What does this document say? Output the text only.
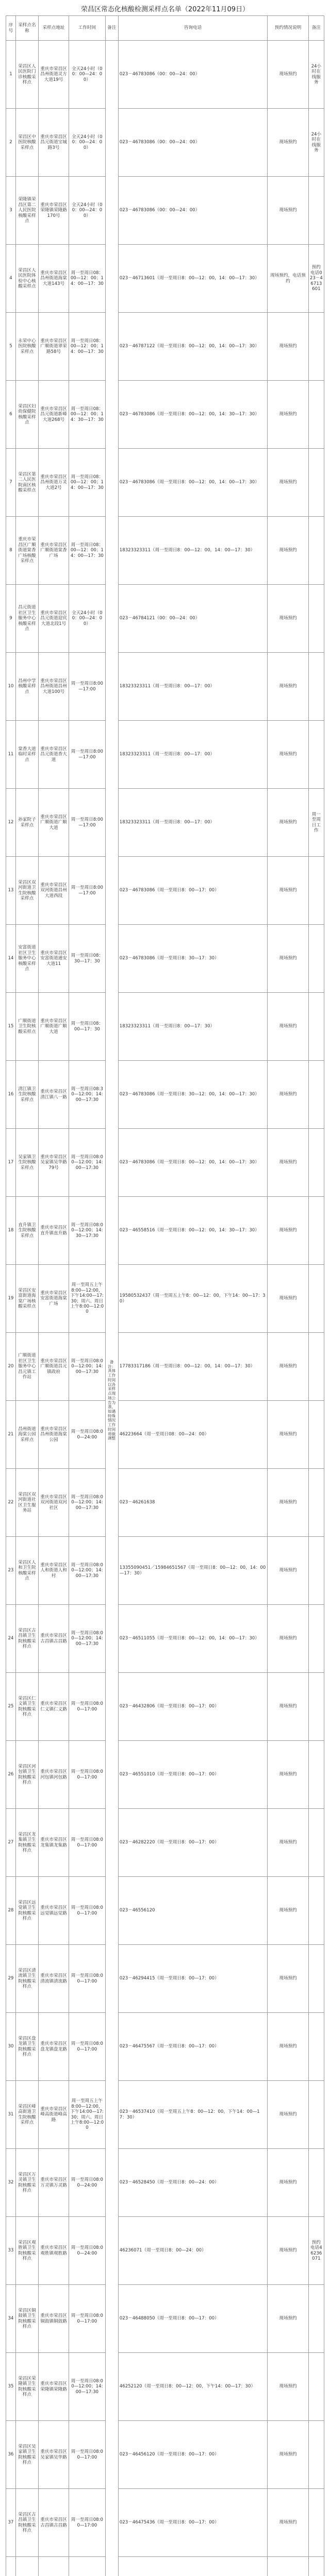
荣昌区常态化核酸检测采样点名单（2022年11月09日）
序号	采样点名称	采样点地址	工作时间	备注	咨询电话	预约情况说明	备注
1	荣昌区人民医院门诊核酸采样点	重庆市荣昌区昌州街道灵方大道19号	全天24小时（00：00—24：00）	备注：具体工作时间以各采样点现场公告为准，如遇特殊情况工作时间将做调整	023－46783086（00：00—24：00）	现场预约	24小时在线服务
2	荣昌区中医院核酸采样点	重庆市荣昌区昌元街道宝城路3号	全天24小时（00：00—24：00）		023－46783086（00：00—24：00）	现场预约	24小时在线服务
3	荣隆镇荣昌区第二人民医院核酸采样点	重庆市荣昌区荣隆镇荣隆路170号	全天24小时（00：00—24：00）		023－46783086（00：00—24：00）	现场预约	
4	荣昌区人民医院体检中心核酸采样点	重庆市荣昌区昌州街道海棠大道143号	周一至周日08：00—12：00；14：00—17：30		023－46713601（周一至周日8：00—12：00，14：00—17：30）	现场预约，电话预约	预约电话023－46713601
5	永荣中心医院核酸采样点	重庆市荣昌区广顺街道翠荣路58号	周一至周日08：00—12：00；14：00—17：30		023－46787122（周一至周日8：00—12：00，14：00—17：30）	现场预约	
6	荣昌区妇幼保健院核酸采样点	重庆市荣昌区昌元街道新峰大道268号	周一至周日08：00—12：00；14：30—17：30		023－46783086（周一至周日8：00—12：00，14：30—17：30）	现场预约	
7	荣昌区第二人民医院南区核酸采样点	重庆市荣昌区昌州街道万灵大道2号	周一至周日08：00—12：00；14：00—17：30		023－46783086（周一至周日8：00—12：00，14：00—17：30）	现场预约	
8	重庆市荣昌区广顺街道棠香广场核酸采样点	重庆市荣昌区广顺街道棠香广场	周一至周日08：00—12：00；14：00—17：30		18323323311（周一至周日8：00—12：00，14：00—17：30）	现场预约	
9	昌元街道社区卫生服务中心核酸采样点	重庆市荣昌区昌元街道迎宾大道北段1号	全天24小时（00：00—24：00）		023－46784121（00：00—24：00）	现场预约	
10	昌州中学核酸采样点	重庆市荣昌区昌州街道昌州大道100号	周一至周日8:00—17:00		18323323311（周一至周日8：00—17：00）	现场预约	
11	棠香大道临时采样点	重庆市荣昌区昌元街道香大道	周一至周日8:00—17:00		18323323311（周一至周日8：00—17：00）	现场预约	
12	孙家院子采样点	重庆市荣昌区广顺街道广顺大道	周一至周日8:00—17:00		18323323311（周一至周日8：00—17：00）	现场预约	周一至周日工作
13	荣昌区双河街道卫生院核酸采样点	重庆市荣昌区双河街道昌州大道西段	周一至周日8:00—17:00		023－46783086（周一至周日8：00—17：00）	现场预约	
14	安富街道社区卫生服务中心核酸采样点	重庆市荣昌区安富街道通安大道11	周一至周日08：30—17：30		023－46783086（周一至周日8：30—17：30）	现场预约	
15	广顺街道卫生院核酸采样点	重庆市荣昌区广顺街道广顺大道	周一至周日08：00—17：30		18323323311（周一至周日8：00—17：30）	现场预约	
16	清江镇卫生院核酸采样点	重庆市荣昌区清江镇八一路	周一至周日08:30—12:00；14:00—17:30		023－46783086（周一至周日8：30—12：00，14：00—17：30）	现场预约	
17	吴家镇卫生院核酸采样点	重庆市荣昌区吴家镇吴华路79号	周一至周日08:00—12:00；14:00—17:30		023－46783086（周一至周日8：00—12：00，14：00—17：30）	现场预约	
18	直升镇卫生院核酸采样点	重庆市荣昌区直升镇直升路	周一至周日08:00—12:00；14:30—17:30		023－46558516（周一至周日8：00—12：00，14：30—17：30）	现场预约	
19	荣昌区安富街道海棠广场核酸采样点	重庆市荣昌区安富街道海棠广场	周一至周五上午8:00—12:00，下午14:00—17:30；周六、周日上午8:00—12:00		19580532437（周一至周五上午8：00—12：00，下午14：00—17：30）	现场预约	
20	广顺街道社区卫生服务中心昌元镇工作站	重庆市荣昌区广顺街道昌元镇政府	周一至周日08:00—12:00；14:00—17:30		17783317186（周一至周日8：00—12：00，14：00—17：30）	现场预约	
21	昌州街道海棠公园采样点	重庆市荣昌区昌州街道海棠公园	周一至周日08:00—24:00		46223664（周一至周日08：00—24：00）	现场预约	
22	荣昌区双河街道社区卫生服务站	重庆市荣昌区双河街道双河社区	周一至周日08:00—12:00；14:00—17:30		023－46261638	现场预约	
23	荣昌区人和卫生院核酸采样点	重庆市荣昌区人和街道人和村	周一至周日08:00—12:00；14:00—17:30		13355090451／15984651567（周一至周日8：00—12：00，14：00—17：30）	现场预约	
24	荣昌区古昌镇卫生院核酸采样点	重庆市荣昌区古昌镇古昌路	周一至周日08:00—12:00；14:00—17:30		023－46511055（周一至周日8：00—12：00，14：00—17：30）	现场预约	
25	荣昌区仁义镇卫生院核酸采样点	重庆市荣昌区仁义镇仁义路	周一至周日08:00—17:00		023－46432806（周一至周日8：00—17：00）	现场预约	
26	荣昌区河包镇卫生院核酸采样点	重庆市荣昌区河包镇河包路	周一至周日08:00—17:00		023－46551010（周一至周日8：00—17：00）	现场预约	
27	荣昌区龙集镇卫生院核酸采样点	重庆市荣昌区龙集镇龙集路	周一至周日08:00—17:00		023－46282220（周一至周日8：00—17：00）	现场预约	
28	荣昌区远觉镇卫生院核酸采样点	重庆市荣昌区远觉镇远觉路	周一至周日08:00—17:00		023－46556120	现场预约	
29	荣昌区清流镇卫生院核酸采样点	重庆市荣昌区清流镇清流路	周一至周日08:00—17:00		023－46294415（周一至周日8：00—17：00）	现场预约	
30	荣昌区盘龙镇卫生院核酸采样点	重庆市荣昌区盘龙镇盘龙路	周一至周日08:00—17:00		023－46475567（周一至周日8：00—17：00）	现场预约	
31	荣昌区峰高街道卫生院核酸采样点	重庆市荣昌区峰高街道峰高路	周一至周五上午8:00—12:00，下午14:00—17:30；周六、周日上午8:00—12:00		023－46537410（周一至周五上午8：00—12：00，下午14：00—17：30）	现场预约	
32	荣昌区万灵镇卫生院核酸采样点	重庆市荣昌区万灵镇万灵路	周一至周日08:00—24:00		023－46528450（周一至周日8：00—24：00）	现场预约	
33	荣昌区观胜镇卫生院核酸采样点	重庆市荣昌区观胜镇观胜路	周一至周日08:00—24:00		46236071（周一至周日8：00—24：00）	现场预约	预约电话46236071
34	荣昌区铜鼓镇卫生院核酸采样点	重庆市荣昌区铜鼓镇铜鼓路	周一至周日08:00—17:00		023－46488050（周一至周日8：00—17：00）	现场预约	
35	荣昌区荣隆镇卫生院核酸采样点	重庆市荣昌区荣隆镇荣隆路	周一至周日08:00—12:00；14:00—17:30		46252120（周一至周日8：00—12：00，下午14：00—17：30）	现场预约	
36	荣昌区吴家镇卫生院核酸采样点	重庆市荣昌区吴家镇吴华路	周一至周日08:00—17:00		023－46456120（周一至周日8：00—17：00）	现场预约	
37	荣昌区古昌镇卫生院核酸采样点	重庆市荣昌区古昌镇古昌路	周一至周日08:00—17:00		023－46475436（周一至周日8：00—17：00）	现场预约	
